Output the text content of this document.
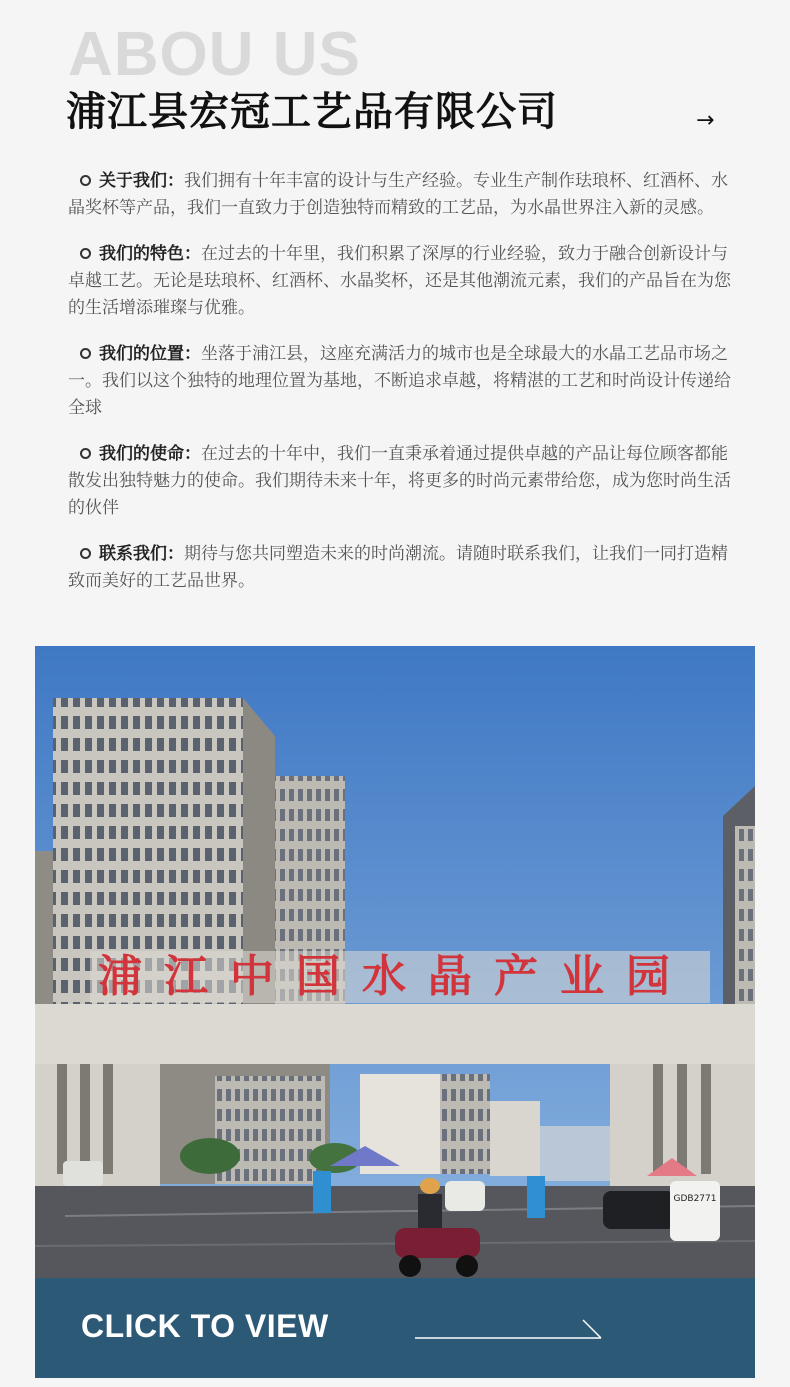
ABOU US
浦江县宏冠工艺品有限公司	→
关于我们：我们拥有十年丰富的设计与生产经验。专业生产制作珐琅杯、红酒杯、水晶奖杯等产品，我们一直致力于创造独特而精致的工艺品，为水晶世界注入新的灵感。
我们的特色：在过去的十年里，我们积累了深厚的行业经验，致力于融合创新设计与卓越工艺。无论是珐琅杯、红酒杯、水晶奖杯，还是其他潮流元素，我们的产品旨在为您的生活增添璀璨与优雅。
我们的位置：坐落于浦江县，这座充满活力的城市也是全球最大的水晶工艺品市场之一。我们以这个独特的地理位置为基地，不断追求卓越，将精湛的工艺和时尚设计传递给全球
我们的使命：在过去的十年中，我们一直秉承着通过提供卓越的产品让每位顾客都能散发出独特魅力的使命。我们期待未来十年，将更多的时尚元素带给您，成为您时尚生活的伙伴
联系我们：期待与您共同塑造未来的时尚潮流。请随时联系我们，让我们一同打造精致而美好的工艺品世界。
浦江中国水晶产业园
GDB2771
CLICK TO VIEW
